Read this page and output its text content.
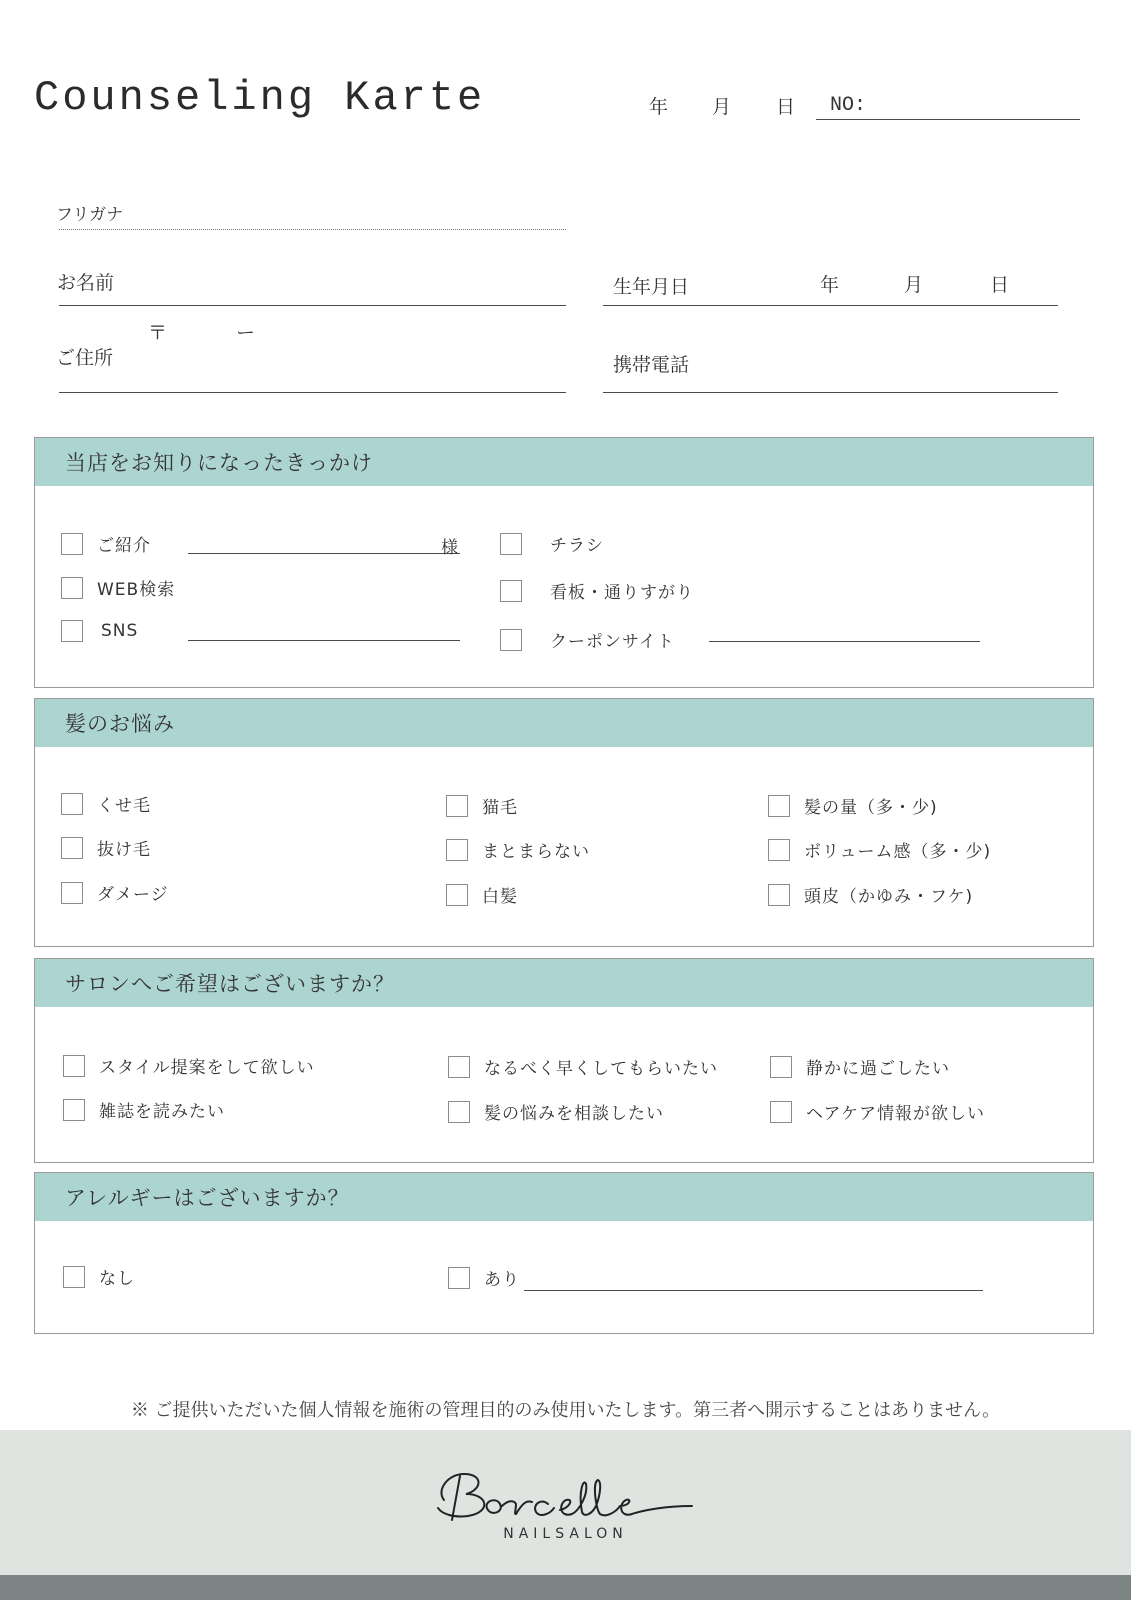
Counseling Karte	年 月 日 NO:
フリガナ
お名前	生年月日	年	月	日
〒	ー
ご住所	携帯電話
当店をお知りになったきっかけ
ご紹介	様
WEB検索
SNS
チラシ
看板・通りすがり
クーポンサイト
髪のお悩み
くせ毛
抜け毛
ダメージ
猫毛
まとまらない
白髪
髪の量（多・少)
ボリューム感（多・少)
頭皮（かゆみ・フケ)
サロンへご希望はございますか？
スタイル提案をして欲しい
雑誌を読みたい
なるべく早くしてもらいたい
髪の悩みを相談したい
静かに過ごしたい
ヘアケア情報が欲しい
アレルギーはございますか？
なし	あり
※ ご提供いただいた個人情報を施術の管理目的のみ使用いたします。第三者へ開示することはありません。
NAILSALON
